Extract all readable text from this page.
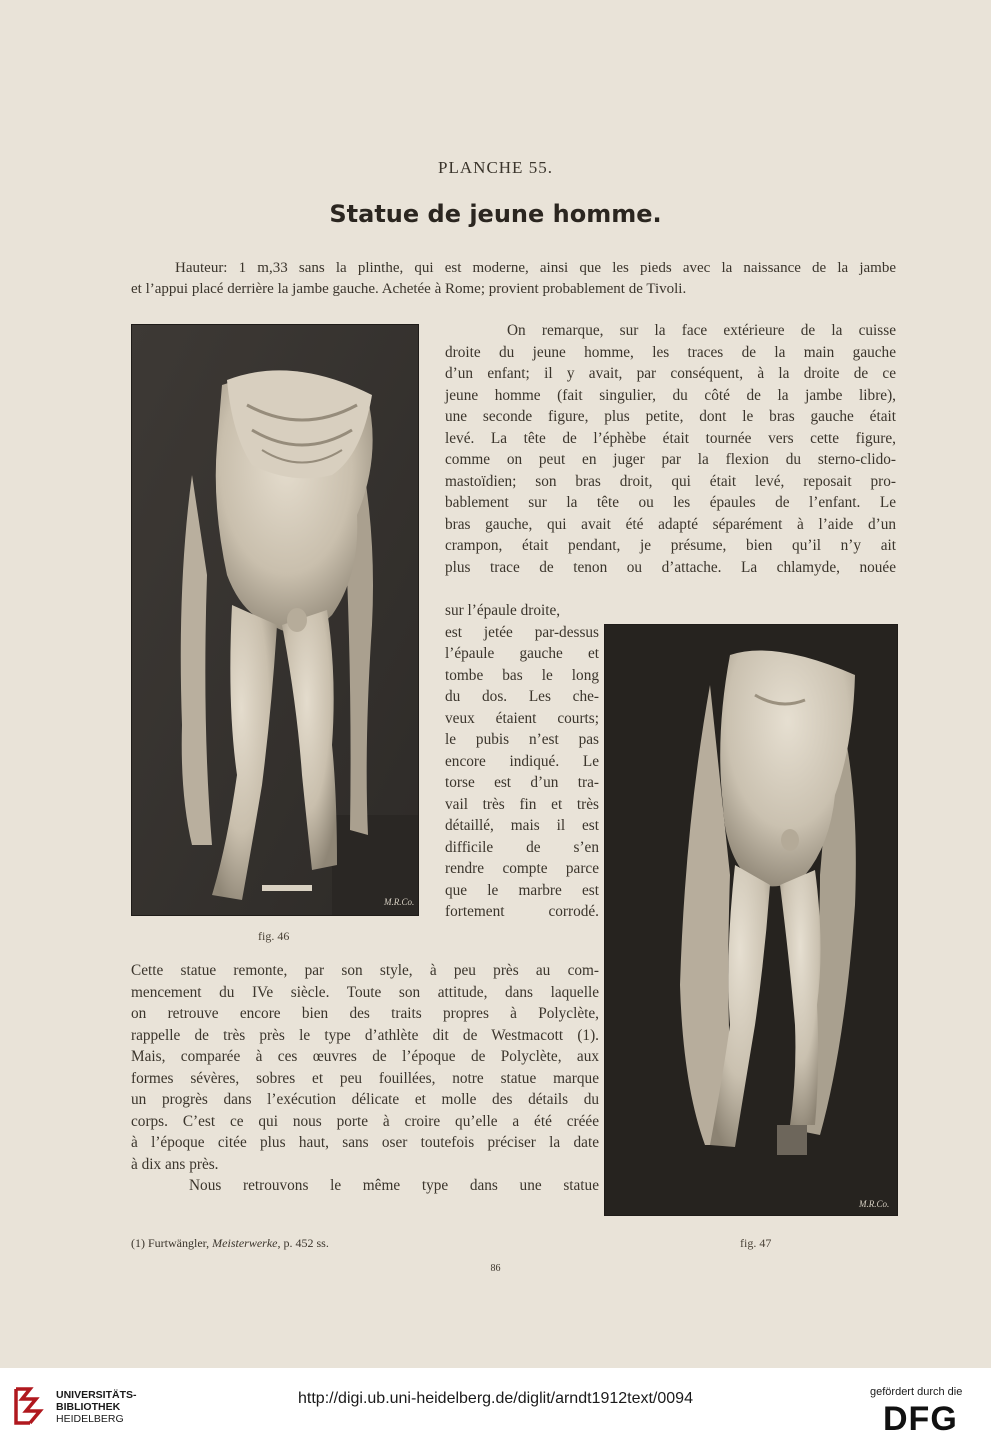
PLANCHE 55.
Statue de jeune homme.

Hauteur: 1 m,33 sans la plinthe, qui est moderne, ainsi que les pieds avec la naissance de la jambe

et l’appui placé derrière la jambe gauche. Achetée à Rome; provient probablement de Tivoli.
M.R.Co.
fig. 46
On remarque, sur la face extérieure de la cuisse
droite du jeune homme, les traces de la main gauche
d’un enfant; il y avait, par conséquent, à la droite de ce
jeune homme (fait singulier, du côté de la jambe libre),
une seconde figure, plus petite, dont le bras gauche était
levé. La tête de l’éphèbe était tournée vers cette figure,
comme on peut en juger par la flexion du sterno-clido-
mastoïdien; son bras droit, qui était levé, reposait pro-
bablement sur la tête ou les épaules de l’enfant. Le
bras gauche, qui avait été adapté séparément à l’aide d’un
crampon, était pendant, je présume, bien qu’il n’y ait
plus trace de tenon ou d’attache. La chlamyde, nouée
sur l’épaule droite,
est jetée par-dessus
l’épaule gauche et
tombe bas le long
du dos. Les che-
veux étaient courts;
le pubis n’est pas
encore indiqué. Le
torse est d’un tra-
vail très fin et très
détaillé, mais il est
difficile de s’en
rendre compte parce
que le marbre est
fortement corrodé.
M.R.Co.
fig. 47
Cette statue remonte, par son style, à peu près au com-
mencement du IVe siècle. Toute son attitude, dans laquelle
on retrouve encore bien des traits propres à Polyclète,
rappelle de très près le type d’athlète dit de Westmacott (1).
Mais, comparée à ces œuvres de l’époque de Polyclète, aux
formes sévères, sobres et peu fouillées, notre statue marque
un progrès dans l’exécution délicate et molle des détails du
corps. C’est ce qui nous porte à croire qu’elle a été créée
à l’époque citée plus haut, sans oser toutefois préciser la date
à dix ans près.
Nous retrouvons le même type dans une statue
(1) Furtwängler, Meisterwerke, p. 452 ss.
86
UNIVERSITÄTS-
BIBLIOTHEK
HEIDELBERG
http://digi.ub.uni-heidelberg.de/diglit/arndt1912text/0094	gefördert durch die
DFG
